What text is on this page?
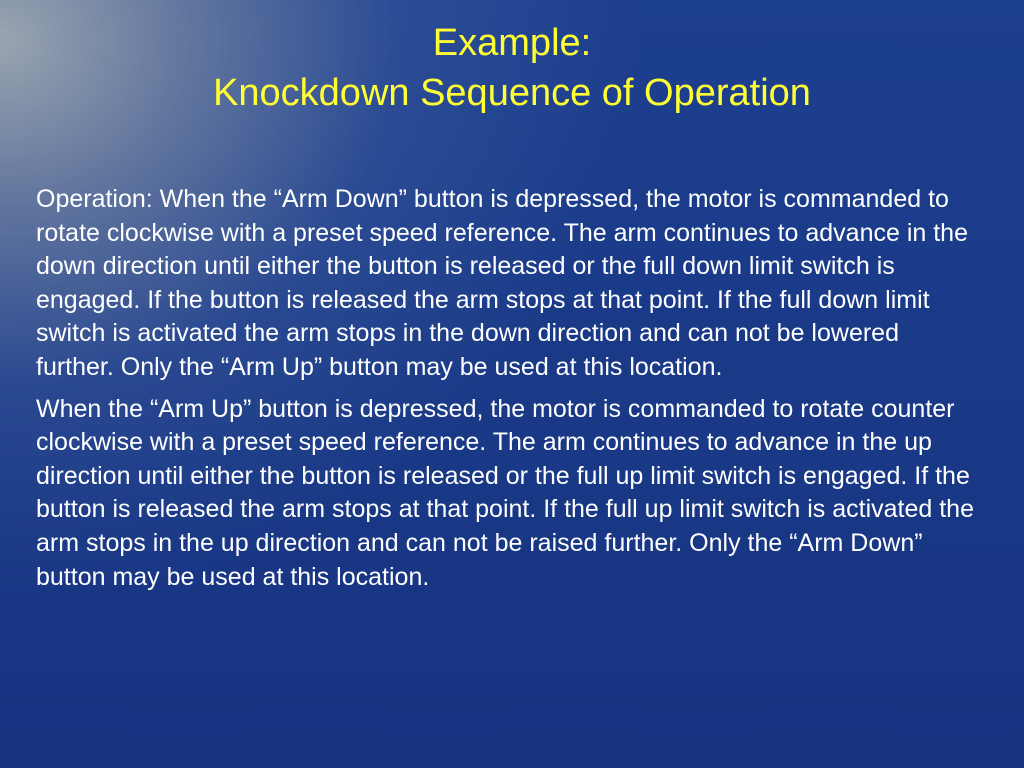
Example:
Knockdown Sequence of Operation

Operation: When the “Arm Down” button is depressed, the motor is commanded to rotate clockwise with a preset speed reference. The arm continues to advance in the down direction until either the button is released or the full down limit switch is engaged. If the button is released the arm stops at that point. If the full down limit switch is activated the arm stops in the down direction and can not be lowered further. Only the “Arm Up” button may be used at this location.

When the “Arm Up” button is depressed, the motor is commanded to rotate counter clockwise with a preset speed reference. The arm continues to advance in the up direction until either the button is released or the full up limit switch is engaged. If the button is released the arm stops at that point. If the full up limit switch is activated the arm stops in the up direction and can not be raised further. Only the “Arm Down” button may be used at this location.
